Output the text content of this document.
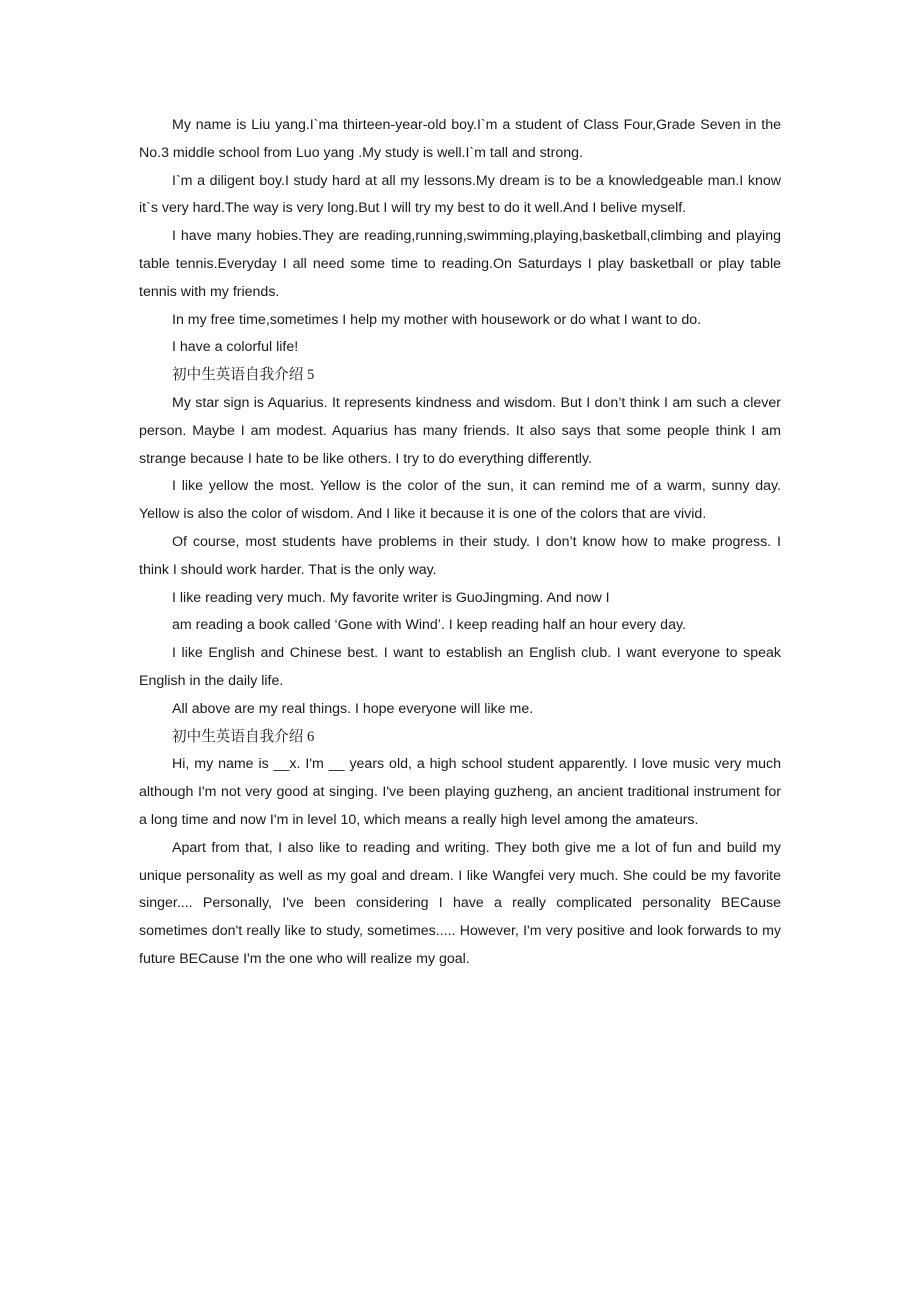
My name is Liu yang.I`ma thirteen-year-old boy.I`m a student of Class Four,Grade Seven in the No.3 middle school from Luo yang .My study is well.I`m tall and strong.

I`m a diligent boy.I study hard at all my lessons.My dream is to be a knowledgeable man.I know it`s very hard.The way is very long.But I will try my best to do it well.And I belive myself.

I have many hobies.They are reading,running,swimming,playing,basketball,climbing and playing table tennis.Everyday I all need some time to reading.On Saturdays I play basketball or play table tennis with my friends.

In my free time,sometimes I help my mother with housework or do what I want to do.

I have a colorful life!

初中生英语自我介绍 5

My star sign is Aquarius. It represents kindness and wisdom. But I don’t think I am such a clever person. Maybe I am modest. Aquarius has many friends. It also says that some people think I am strange because I hate to be like others. I try to do everything differently.

I like yellow the most. Yellow is the color of the sun, it can remind me of a warm, sunny day. Yellow is also the color of wisdom. And I like it because it is one of the colors that are vivid.

Of course, most students have problems in their study. I don’t know how to make progress. I think I should work harder. That is the only way.

I like reading very much. My favorite writer is GuoJingming. And now I

am reading a book called ‘Gone with Wind’. I keep reading half an hour every day.

I like English and Chinese best. I want to establish an English club. I want everyone to speak English in the daily life.

All above are my real things. I hope everyone will like me.

初中生英语自我介绍 6

Hi, my name is __x. I'm __ years old, a high school student apparently. I love music very much although I'm not very good at singing. I've been playing guzheng, an ancient traditional instrument for a long time and now I'm in level 10, which means a really high level among the amateurs.

Apart from that, I also like to reading and writing. They both give me a lot of fun and build my unique personality as well as my goal and dream. I like Wangfei very much. She could be my favorite singer.... Personally, I've been considering I have a really complicated personality BECause sometimes don't really like to study, sometimes..... However, I'm very positive and look forwards to my future BECause I'm the one who will realize my goal.
